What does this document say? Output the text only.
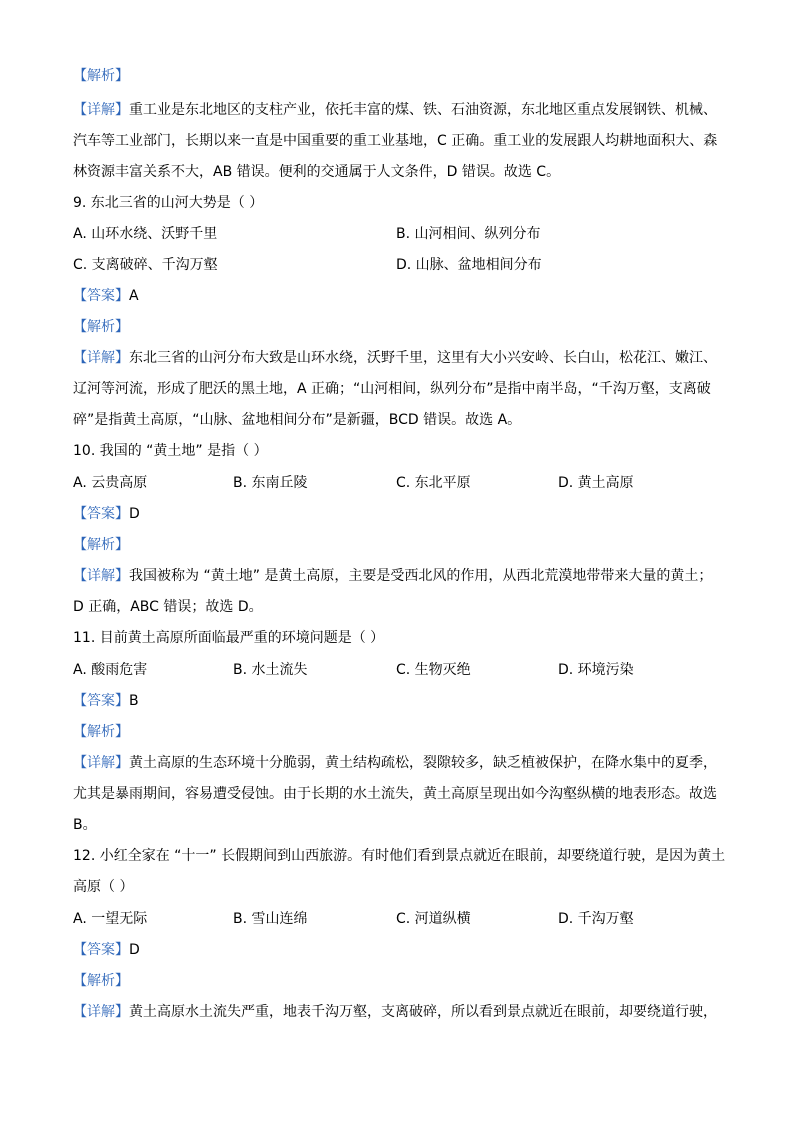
【解析】
【详解】重工业是东北地区的支柱产业，依托丰富的煤、铁、石油资源，东北地区重点发展钢铁、机械、
汽车等工业部门，长期以来一直是中国重要的重工业基地，C 正确。重工业的发展跟人均耕地面积大、森
林资源丰富关系不大，AB 错误。便利的交通属于人文条件，D 错误。故选 C。
9. 东北三省的山河大势是（ ）
A. 山环水绕、沃野千里	B. 山河相间、纵列分布
C. 支离破碎、千沟万壑	D. 山脉、盆地相间分布
【答案】A
【解析】
【详解】东北三省的山河分布大致是山环水绕，沃野千里，这里有大小兴安岭、长白山，松花江、嫩江、
辽河等河流，形成了肥沃的黑土地，A 正确；“山河相间，纵列分布”是指中南半岛，“千沟万壑，支离破
碎”是指黄土高原，“山脉、盆地相间分布”是新疆，BCD 错误。故选 A。
10. 我国的 “黄土地” 是指（ ）
A. 云贵高原	B. 东南丘陵	C. 东北平原	D. 黄土高原
【答案】D
【解析】
【详解】我国被称为 “黄土地” 是黄土高原，主要是受西北风的作用，从西北荒漠地带带来大量的黄土；
D 正确，ABC 错误；故选 D。
11. 目前黄土高原所面临最严重的环境问题是（ ）
A. 酸雨危害	B. 水土流失	C. 生物灭绝	D. 环境污染
【答案】B
【解析】
【详解】黄土高原的生态环境十分脆弱，黄土结构疏松，裂隙较多，缺乏植被保护，在降水集中的夏季，
尤其是暴雨期间，容易遭受侵蚀。由于长期的水土流失，黄土高原呈现出如今沟壑纵横的地表形态。故选
B。
12. 小红全家在 “十一” 长假期间到山西旅游。有时他们看到景点就近在眼前，却要绕道行驶，是因为黄土
高原（ ）
A. 一望无际	B. 雪山连绵	C. 河道纵横	D. 千沟万壑
【答案】D
【解析】
【详解】黄土高原水土流失严重，地表千沟万壑，支离破碎，所以看到景点就近在眼前，却要绕道行驶，
